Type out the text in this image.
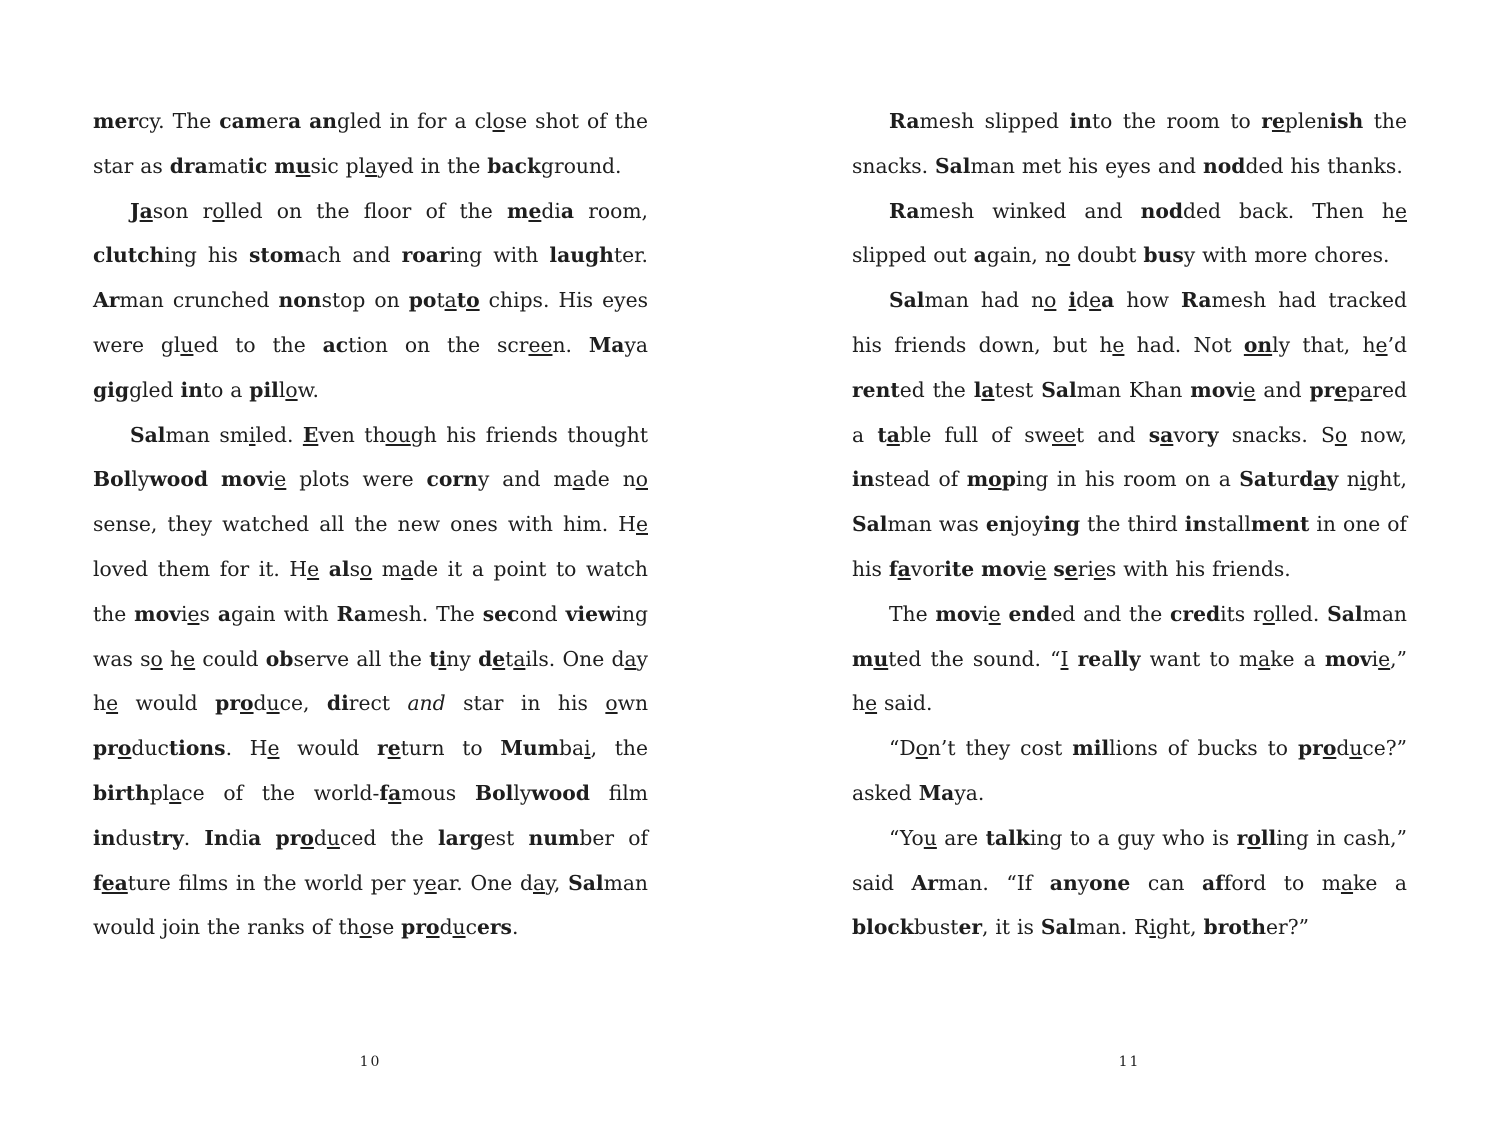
mercy. The camera angled in for a close shot of the star as dramatic music played in the background.

Jason rolled on the floor of the media room, clutching his stomach and roaring with laughter. Arman crunched nonstop on potato chips. His eyes were glued to the action on the screen. Maya giggled into a pillow.

Salman smiled. Even though his friends thought Bollywood movie plots were corny and made no sense, they watched all the new ones with him. He loved them for it. He also made it a point to watch the movies again with Ramesh. The second viewing was so he could observe all the tiny details. One day he would produce, direct and star in his own productions. He would return to Mumbai, the birthplace of the world-famous Bollywood film industry. India produced the largest number of feature films in the world per year. One day, Salman would join the ranks of those producers.

10

Ramesh slipped into the room to replenish the snacks. Salman met his eyes and nodded his thanks.

Ramesh winked and nodded back. Then he slipped out again, no doubt busy with more chores.

Salman had no idea how Ramesh had tracked his friends down, but he had. Not only that, he’d rented the latest Salman Khan movie and prepared a table full of sweet and savory snacks. So now, instead of moping in his room on a Saturday night, Salman was enjoying the third installment in one of his favorite movie series with his friends.

The movie ended and the credits rolled. Salman muted the sound. “I really want to make a movie,” he said.

“Don’t they cost millions of bucks to produce?” asked Maya.

“You are talking to a guy who is rolling in cash,” said Arman. “If anyone can afford to make a blockbuster, it is Salman. Right, brother?”

11
